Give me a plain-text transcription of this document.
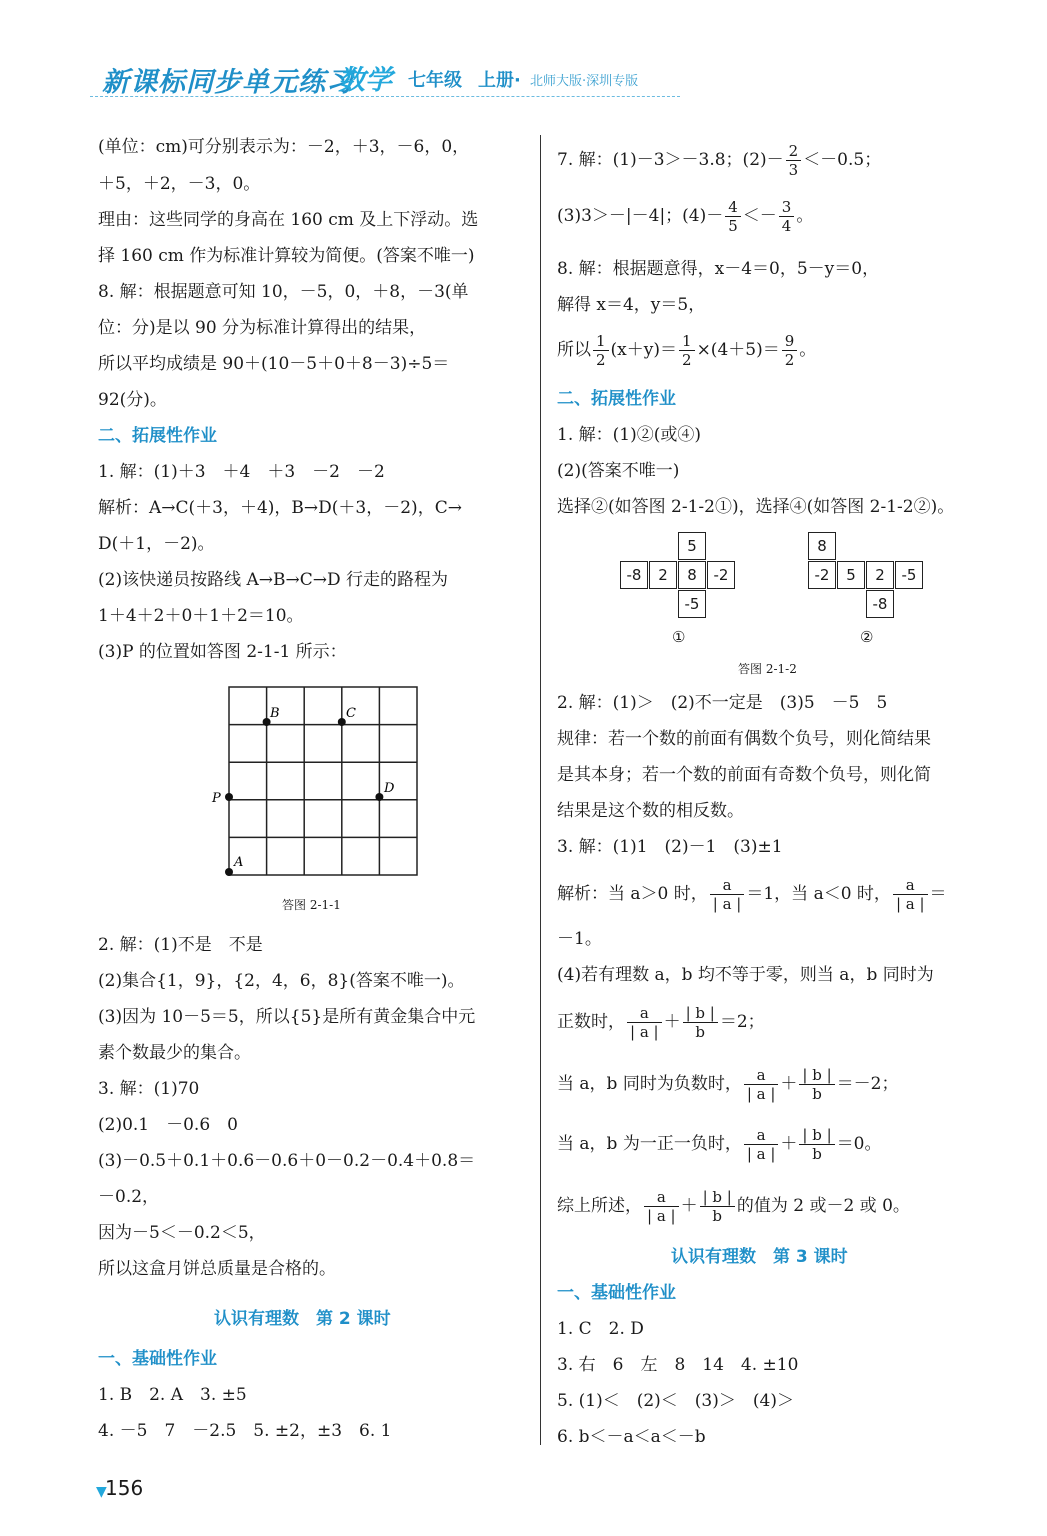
新课标同步单元练习
数学 七年级 上册· 北师大版·深圳专版
(单位：cm)可分别表示为：－2，＋3，－6，0，
＋5，＋2，－3，0。
理由：这些同学的身高在 160 cm 及上下浮动。选
择 160 cm 作为标准计算较为简便。(答案不唯一)
8. 解：根据题意可知 10，－5，0，＋8，－3(单
位：分)是以 90 分为标准计算得出的结果，
所以平均成绩是 90＋(10－5＋0＋8－3)÷5＝
92(分)。
二、拓展性作业
1. 解：(1)＋3　＋4　＋3　－2　－2
解析：A→C(＋3，＋4)，B→D(＋3，－2)，C→
D(＋1，－2)。
(2)该快递员按路线 A→B→C→D 行走的路程为
1＋4＋2＋0＋1＋2＝10。
(3)P 的位置如答图 2-1-1 所示：
2. 解：(1)不是　不是
(2)集合{1，9}，{2，4，6，8}(答案不唯一)。
(3)因为 10－5＝5，所以{5}是所有黄金集合中元
素个数最少的集合。
3. 解：(1)70
(2)0.1　－0.6　0
(3)－0.5＋0.1＋0.6－0.6＋0－0.2－0.4＋0.8＝
－0.2，
因为－5＜－0.2＜5，
所以这盒月饼总质量是合格的。
认识有理数　第 2 课时
一、基础性作业
1. B　2. A　3. ±5
4. －5　7　－2.5　5. ±2，±3　6. 1
A
B	C
D
P
答图 2-1-1
7. 解：(1)－3＞－3.8；$(2)- \frac{2}{3} <-0.5$；
(3)3＞－|－4|；$(4)- \frac{4}{5} <- \frac{3}{4}$ 。
8. 解：根据题意得，x－4＝0，5－y＝0，
解得 x＝4，y＝5，
所以 $\frac{1}{2} (x+y)= \frac{1}{2} \times(4+5)= \frac{9}{2}$ 。
二、拓展性作业
1. 解：(1)②(或④)
(2)(答案不唯一)
选择②(如答图 2-1-2①)，选择④(如答图 2-1-2②)。
5
-8	2	8	-2
-5
①
8
-2	5	2	-5
-8
②
答图 2-1-2
2. 解：(1)＞　(2)不一定是　(3)5　－5　5
规律：若一个数的前面有偶数个负号，则化简结果
是其本身；若一个数的前面有奇数个负号，则化简
结果是这个数的相反数。
3. 解：(1)1　(2)－1　(3)±1
解析：当 a＞0 时， $\frac{a}{| a |} =1$，当 a＜0 时， $\frac{a}{| a |}$ ＝
－1。
(4)若有理数 a，b 均不等于零，则当 a，b 同时为
正数时， $\frac{a}{| a |} + \frac{| b |}{b} =2$；
当 a，b 同时为负数时， $\frac{a}{| a |} + \frac{| b |}{b} =-2$；
当 a，b 为一正一负时， $\frac{a}{| a |} + \frac{| b |}{b} =0$。
综上所述， $\frac{a}{| a |} + \frac{| b |}{b}$ 的值为 2 或－2 或 0。
认识有理数　第 3 课时
一、基础性作业
1. C　2. D
3. 右　6　左　8　14　4. ±10
5. (1)＜　(2)＜　(3)＞　(4)＞
6. b＜－a＜a＜－b
▼
156
